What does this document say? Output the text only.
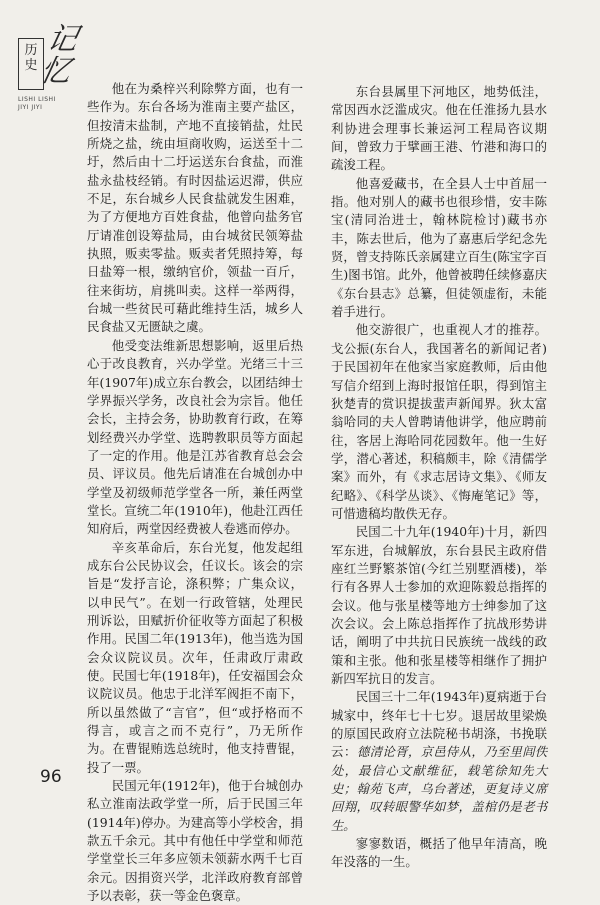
历
史
记
忆
LISHI LISHI
JIYI JIYI

他在为桑梓兴利除弊方面，也有一些作为。东台各场为淮南主要产盐区，但按清末盐制，产地不直接销盐，灶民所烧之盐，统由垣商收购，运送至十二圩，然后由十二圩运送东台食盐，而淮盐永盐枝经销。有时因盐运迟滞，供应不足，东台城乡人民食盐就发生困难，为了方便地方百姓食盐，他曾向盐务官厅请准创设筹盐局，由台城贫民领筹盐执照，贩卖零盐。贩卖者凭照持筹，每日盐筹一根，缴纳官价，领盐一百斤，往来街坊，肩挑叫卖。这样一举两得，台城一些贫民可藉此维持生活，城乡人民食盐又无匮缺之虞。

他受变法维新思想影响，返里后热心于改良教育，兴办学堂。光绪三十三年(1907年)成立东台教会，以团结绅士学界振兴学务，改良社会为宗旨。他任会长，主持会务，协助教育行政，在筹划经费兴办学堂、选聘教职员等方面起了一定的作用。他是江苏省教育总会会员、评议员。他先后请准在台城创办中学堂及初级师范学堂各一所，兼任两堂堂长。宣统二年(1910年)，他赴江西任知府后，两堂因经费被人卷逃而停办。

辛亥革命后，东台光复，他发起组成东台公民协议会，任议长。该会的宗旨是“发抒言论，涤积弊；广集众议，以申民气”。在划一行政管辖，处理民刑诉讼，田赋折价征收等方面起了积极作用。民国二年(1913年)，他当选为国会众议院议员。次年，任肃政厅肃政使。民国七年(1918年)，任安福国会众议院议员。他忠于北洋军阀拒不南下，所以虽然做了“言官”，但“或抒格而不得言，或言之而不克行”，乃无所作为。在曹锟贿选总统时，他支持曹锟，投了一票。

民国元年(1912年)，他于台城创办私立淮南法政学堂一所，后于民国三年(1914年)停办。为建高等小学校舍，捐款五千余元。其中有他任中学堂和师范学堂堂长三年多应领未领薪水两千七百余元。因捐资兴学，北洋政府教育部曾予以表彰，获一等金色褒章。

东台县属里下河地区，地势低洼，常因西水泛滥成灾。他在任淮扬九县水利协进会理事长兼运河工程局咨议期间，曾致力于擘画王港、竹港和海口的疏浚工程。

他喜爱藏书，在全县人士中首屈一指。他对别人的藏书也很珍惜，安丰陈宝(清同治进士，翰林院检讨)藏书亦丰，陈去世后，他为了嘉惠后学纪念先贤，曾支持陈氏亲属建立百生(陈宝字百生)图书馆。此外，他曾被聘任续修嘉庆《东台县志》总纂，但徒领虚衔，未能着手进行。

他交游很广，也重视人才的推荐。戈公振(东台人，我国著名的新闻记者)于民国初年在他家当家庭教师，后由他写信介绍到上海时报馆任职，得到馆主狄楚青的赏识提拔蜚声新闻界。狄太富翁哈同的夫人曾聘请他讲学，他应聘前往，客居上海哈同花园数年。他一生好学，潜心著述，积稿颇丰，除《清儒学案》而外，有《求志居诗文集》、《师友纪略》、《科学丛谈》、《悔庵笔记》等，可惜遗稿均散佚无存。

民国二十九年(1940年)十月，新四军东进，台城解放，东台县民主政府借座红兰野繁茶馆(今红兰别墅酒楼)，举行有各界人士参加的欢迎陈毅总指挥的会议。他与张星楼等地方士绅参加了这次会议。会上陈总指挥作了抗战形势讲话，阐明了中共抗日民族统一战线的政策和主张。他和张星楼等相继作了拥护新四军抗日的发言。

民国三十二年(1943年)夏病逝于台城家中，终年七十七岁。退居故里梁焕的原国民政府立法院秘书胡涤，书挽联云：德清论胥，京邑侍从，乃至里闾佚处，最信心文献维征，载笔徐知先大史；翰苑飞声，乌台著述，更复诗义席回翔，叹转眼警华如梦，盖棺仍是老书生。

寥寥数语，概括了他早年清高，晚年没落的一生。

96
